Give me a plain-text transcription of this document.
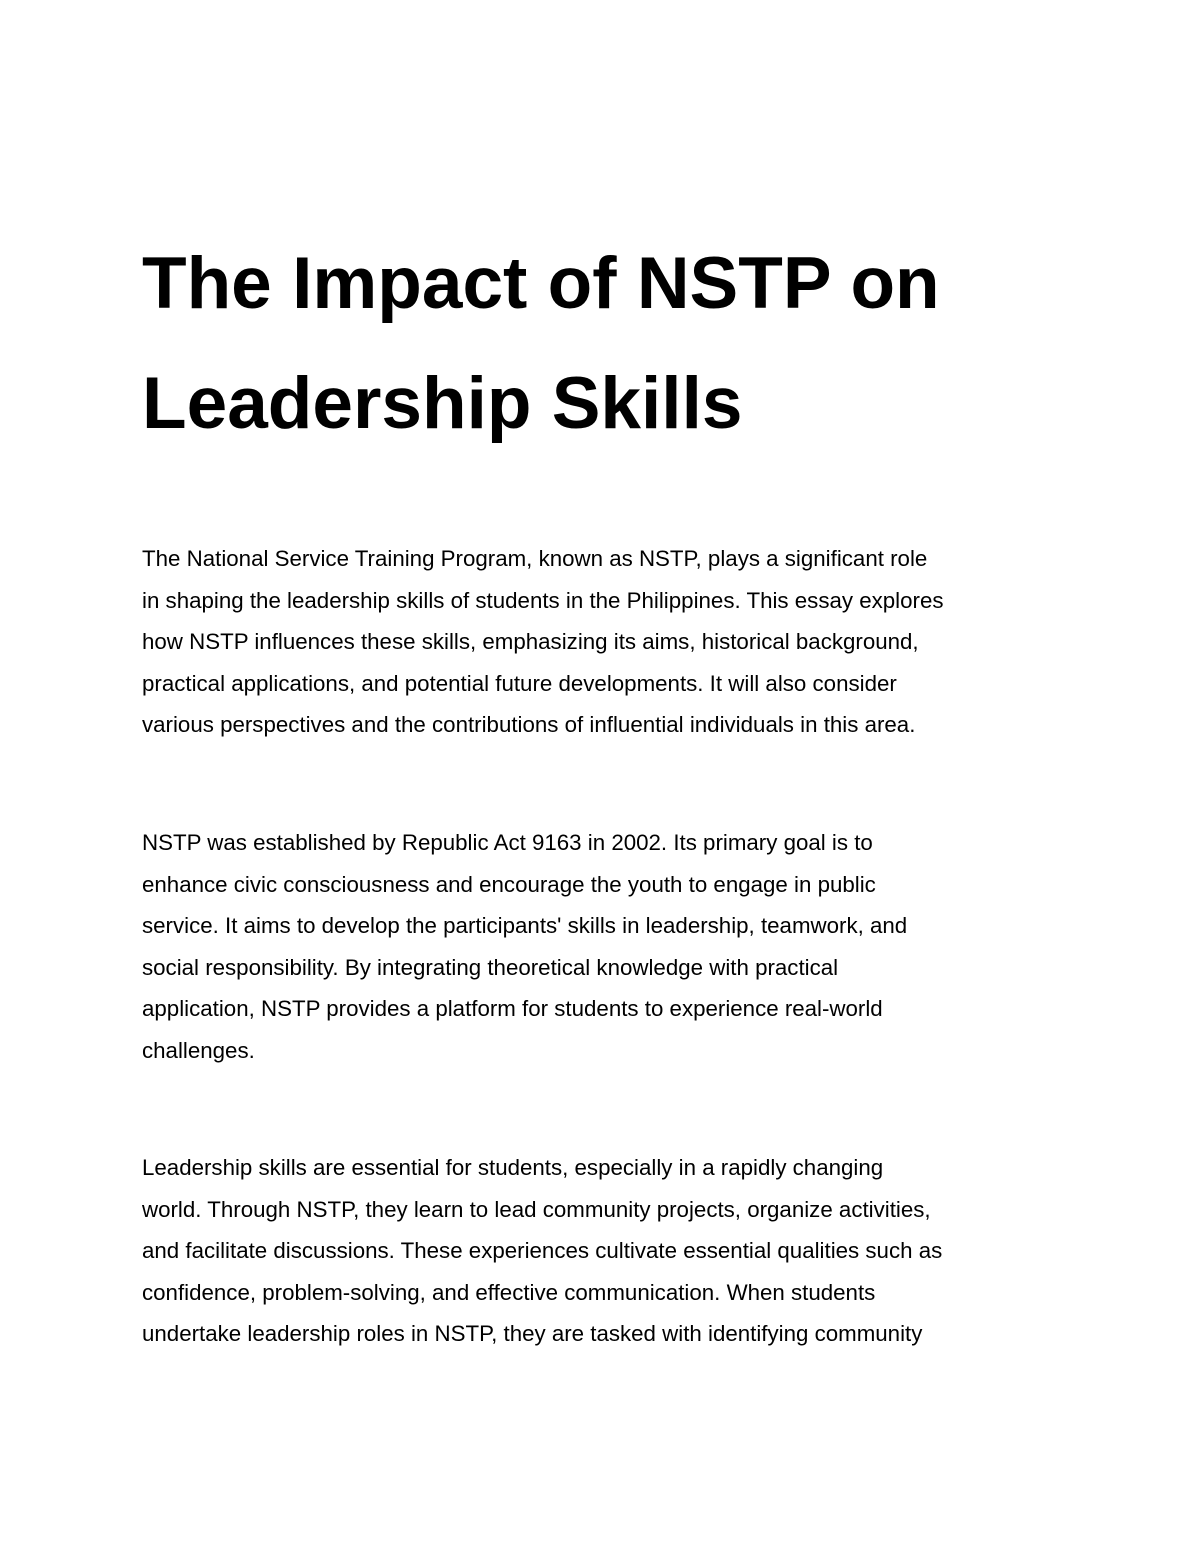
The Impact of NSTP on
Leadership Skills

The National Service Training Program, known as NSTP, plays a significant role
in shaping the leadership skills of students in the Philippines. This essay explores
how NSTP influences these skills, emphasizing its aims, historical background,
practical applications, and potential future developments. It will also consider
various perspectives and the contributions of influential individuals in this area.

NSTP was established by Republic Act 9163 in 2002. Its primary goal is to
enhance civic consciousness and encourage the youth to engage in public
service. It aims to develop the participants' skills in leadership, teamwork, and
social responsibility. By integrating theoretical knowledge with practical
application, NSTP provides a platform for students to experience real-world
challenges.

Leadership skills are essential for students, especially in a rapidly changing
world. Through NSTP, they learn to lead community projects, organize activities,
and facilitate discussions. These experiences cultivate essential qualities such as
confidence, problem-solving, and effective communication. When students
undertake leadership roles in NSTP, they are tasked with identifying community
